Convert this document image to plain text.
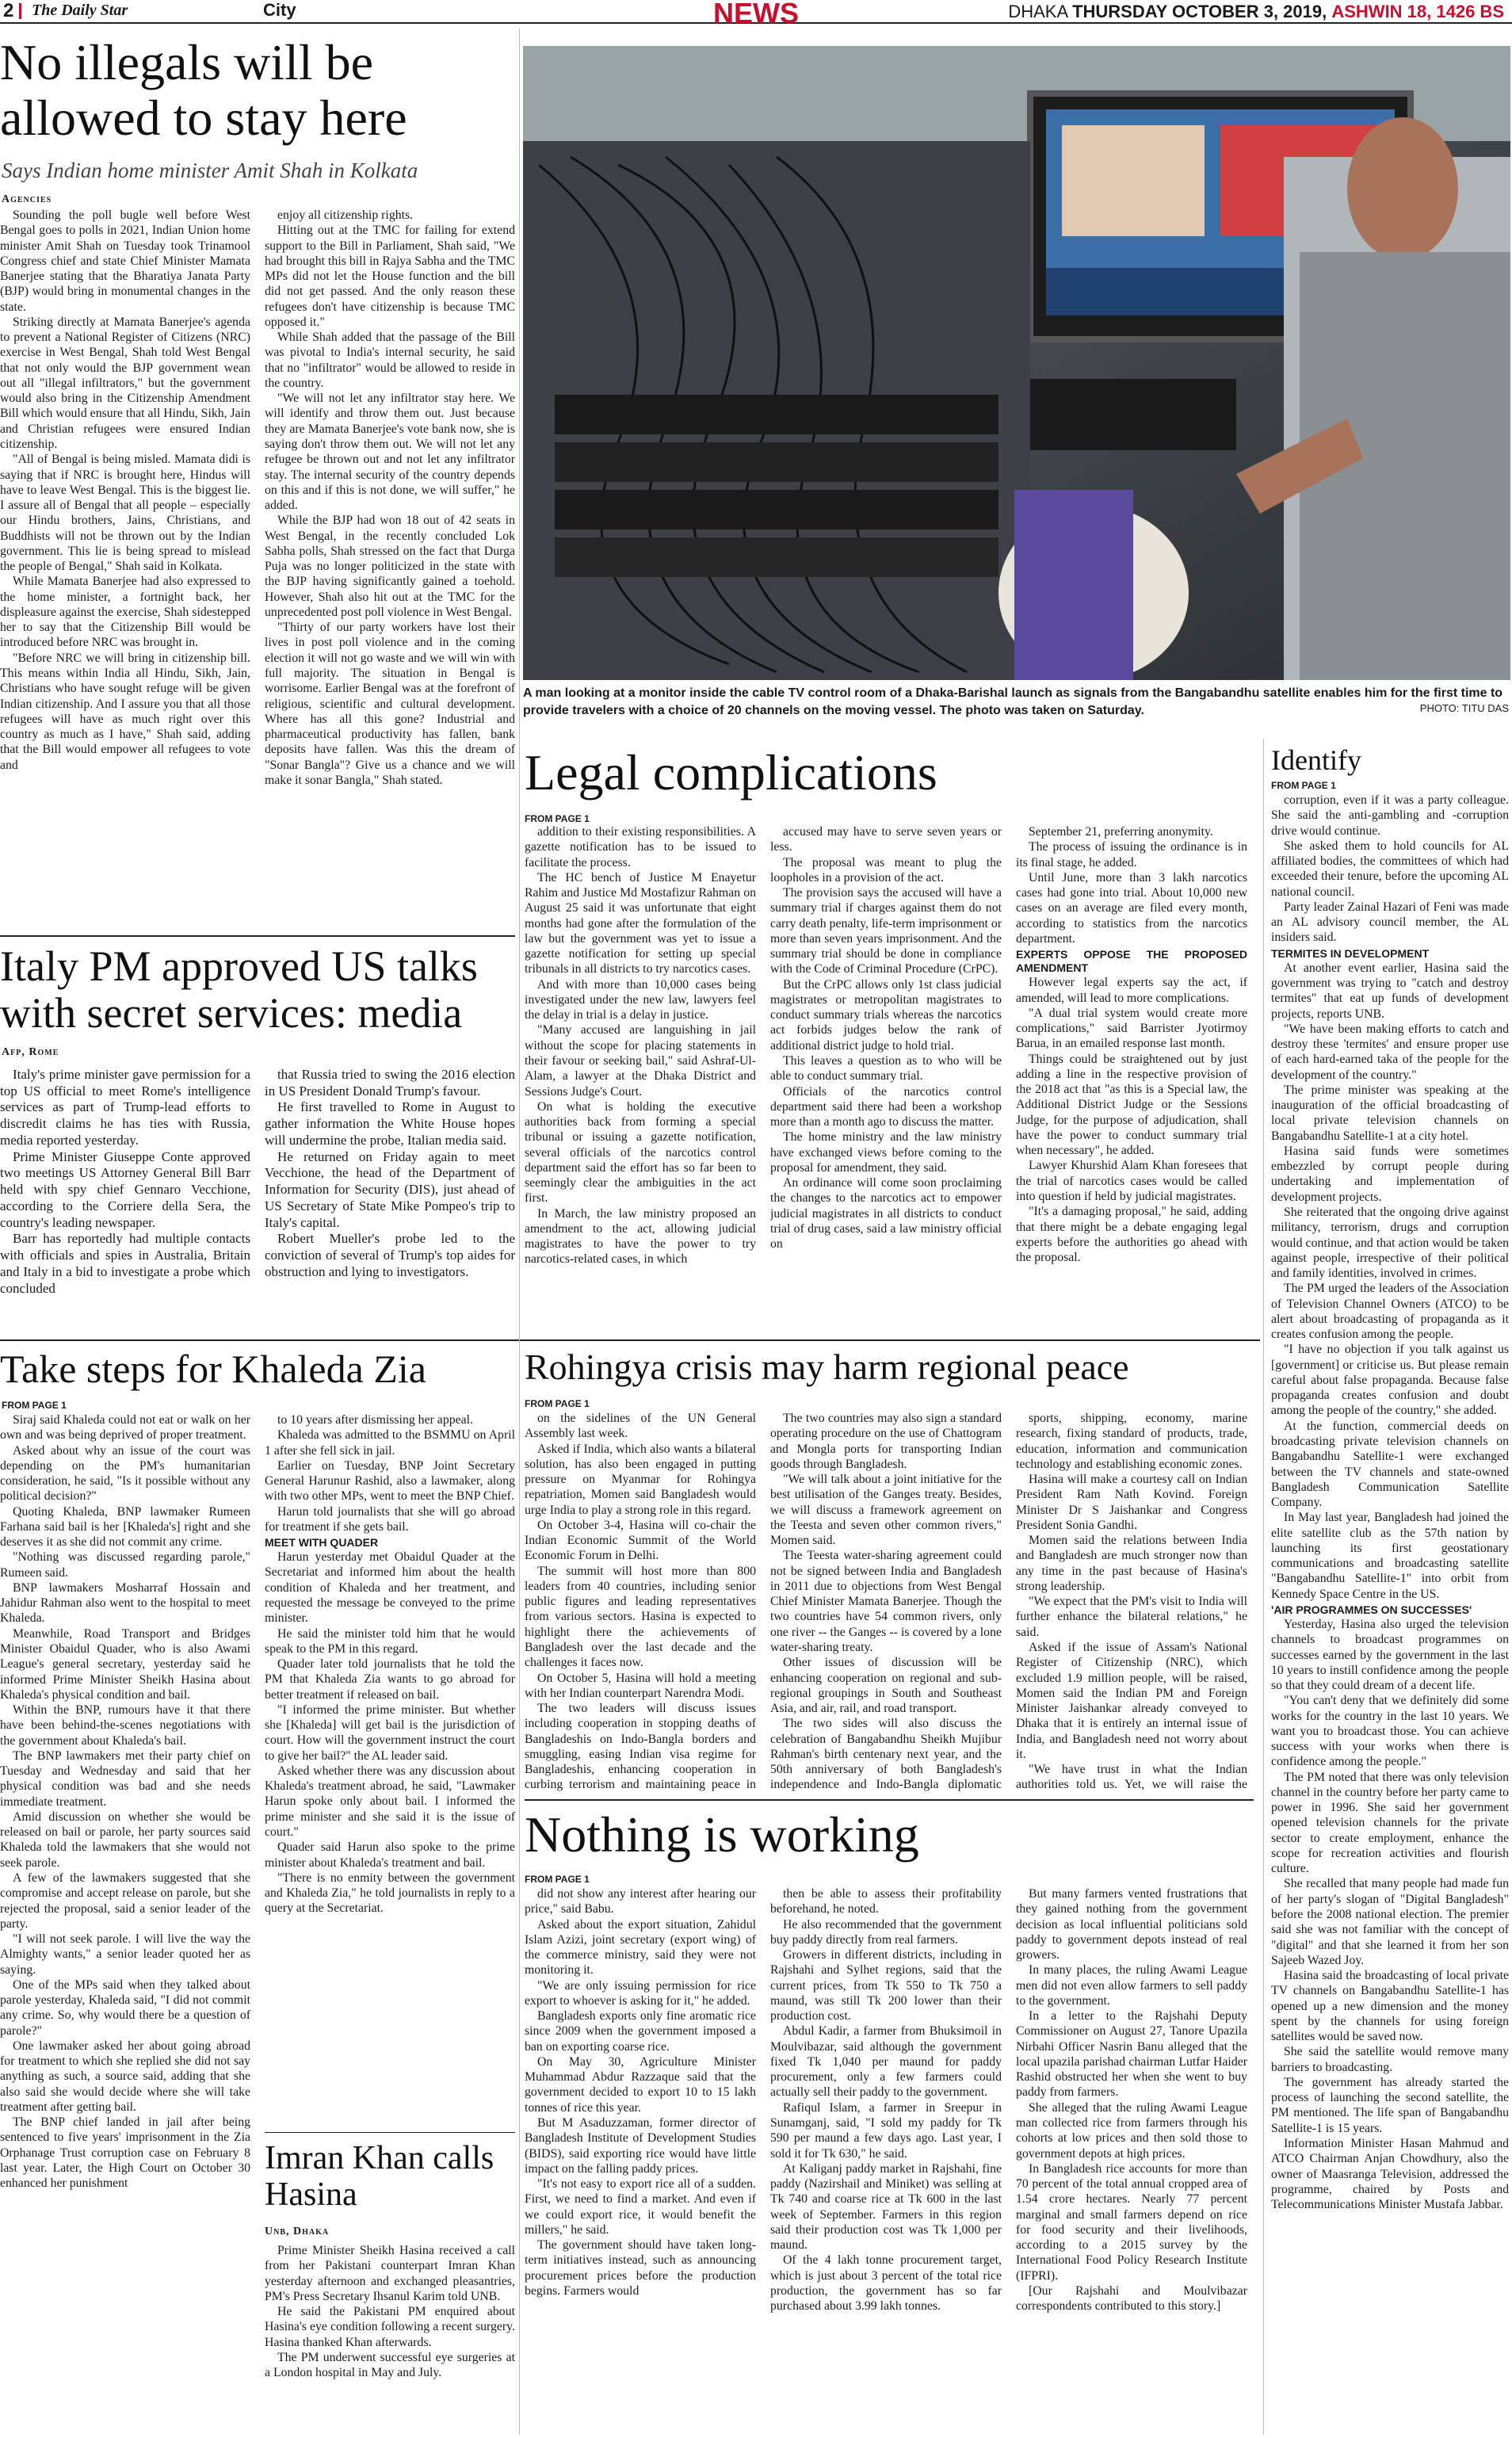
2 The Daily Star	City	NEWS	DHAKA THURSDAY OCTOBER 3, 2019, ASHWIN 18, 1426 BS
No illegals will be allowed to stay here
Says Indian home minister Amit Shah in Kolkata
Agencies

Sounding the poll bugle well before West Bengal goes to polls in 2021, Indian Union home minister Amit Shah on Tuesday took Trinamool Congress chief and state Chief Minister Mamata Banerjee stating that the Bharatiya Janata Party (BJP) would bring in monumental changes in the state.

Striking directly at Mamata Banerjee's agenda to prevent a National Register of Citizens (NRC) exercise in West Bengal, Shah told West Bengal that not only would the BJP government wean out all "illegal infiltrators," but the government would also bring in the Citizenship Amendment Bill which would ensure that all Hindu, Sikh, Jain and Christian refugees were ensured Indian citizenship.

"All of Bengal is being misled. Mamata didi is saying that if NRC is brought here, Hindus will have to leave West Bengal. This is the biggest lie. I assure all of Bengal that all people – especially our Hindu brothers, Jains, Christians, and Buddhists will not be thrown out by the Indian government. This lie is being spread to mislead the people of Bengal," Shah said in Kolkata.

While Mamata Banerjee had also expressed to the home minister, a fortnight back, her displeasure against the exercise, Shah sidestepped her to say that the Citizenship Bill would be introduced before NRC was brought in.

"Before NRC we will bring in citizenship bill. This means within India all Hindu, Sikh, Jain, Christians who have sought refuge will be given Indian citizenship. And I assure you that all those refugees will have as much right over this country as much as I have," Shah said, adding that the Bill would empower all refugees to vote and

enjoy all citizenship rights.

Hitting out at the TMC for failing for extend support to the Bill in Parliament, Shah said, "We had brought this bill in Rajya Sabha and the TMC MPs did not let the House function and the bill did not get passed. And the only reason these refugees don't have citizenship is because TMC opposed it."

While Shah added that the passage of the Bill was pivotal to India's internal security, he said that no "infiltrator" would be allowed to reside in the country.

"We will not let any infiltrator stay here. We will identify and throw them out. Just because they are Mamata Banerjee's vote bank now, she is saying don't throw them out. We will not let any refugee be thrown out and not let any infiltrator stay. The internal security of the country depends on this and if this is not done, we will suffer," he added.

While the BJP had won 18 out of 42 seats in West Bengal, in the recently concluded Lok Sabha polls, Shah stressed on the fact that Durga Puja was no longer politicized in the state with the BJP having significantly gained a toehold. However, Shah also hit out at the TMC for the unprecedented post poll violence in West Bengal.

"Thirty of our party workers have lost their lives in post poll violence and in the coming election it will not go waste and we will win with full majority. The situation in Bengal is worrisome. Earlier Bengal was at the forefront of religious, scientific and cultural development. Where has all this gone? Industrial and pharmaceutical productivity has fallen, bank deposits have fallen. Was this the dream of "Sonar Bangla"? Give us a chance and we will make it sonar Bangla," Shah stated.

A man looking at a monitor inside the cable TV control room of a Dhaka-Barishal launch as signals from the Bangabandhu satellite enables him for the first time to provide travelers with a choice of 20 channels on the moving vessel. The photo was taken on Saturday.	PHOTO: TITU DAS
Legal complications
FROM PAGE 1

addition to their existing responsibilities. A gazette notification has to be issued to facilitate the process.

The HC bench of Justice M Enayetur Rahim and Justice Md Mostafizur Rahman on August 25 said it was unfortunate that eight months had gone after the formulation of the law but the government was yet to issue a gazette notification for setting up special tribunals in all districts to try narcotics cases.

And with more than 10,000 cases being investigated under the new law, lawyers feel the delay in trial is a delay in justice.

"Many accused are languishing in jail without the scope for placing statements in their favour or seeking bail," said Ashraf-Ul-Alam, a lawyer at the Dhaka District and Sessions Judge's Court.

On what is holding the executive authorities back from forming a special tribunal or issuing a gazette notification, several officials of the narcotics control department said the effort has so far been to seemingly clear the ambiguities in the act first.

In March, the law ministry proposed an amendment to the act, allowing judicial magistrates to have the power to try narcotics-related cases, in which

accused may have to serve seven years or less.

The proposal was meant to plug the loopholes in a provision of the act.

The provision says the accused will have a summary trial if charges against them do not carry death penalty, life-term imprisonment or more than seven years imprisonment. And the summary trial should be done in compliance with the Code of Criminal Procedure (CrPC).

But the CrPC allows only 1st class judicial magistrates or metropolitan magistrates to conduct summary trials whereas the narcotics act forbids judges below the rank of additional district judge to hold trial.

This leaves a question as to who will be able to conduct summary trial.

Officials of the narcotics control department said there had been a workshop more than a month ago to discuss the matter.

The home ministry and the law ministry have exchanged views before coming to the proposal for amendment, they said.

An ordinance will come soon proclaiming the changes to the narcotics act to empower judicial magistrates in all districts to conduct trial of drug cases, said a law ministry official on

September 21, preferring anonymity.

The process of issuing the ordinance is in its final stage, he added.

Until June, more than 3 lakh narcotics cases had gone into trial. About 10,000 new cases on an average are filed every month, according to statistics from the narcotics department.

EXPERTS OPPOSE THE PROPOSED AMENDMENT

However legal experts say the act, if amended, will lead to more complications.

"A dual trial system would create more complications," said Barrister Jyotirmoy Barua, in an emailed response last month.

Things could be straightened out by just adding a line in the respective provision of the 2018 act that "as this is a Special law, the Additional District Judge or the Sessions Judge, for the purpose of adjudication, shall have the power to conduct summary trial when necessary", he added.

Lawyer Khurshid Alam Khan foresees that the trial of narcotics cases would be called into question if held by judicial magistrates.

"It's a damaging proposal," he said, adding that there might be a debate engaging legal experts before the authorities go ahead with the proposal.

Identify
FROM PAGE 1

corruption, even if it was a party colleague. She said the anti-gambling and -corruption drive would continue.

She asked them to hold councils for AL affiliated bodies, the committees of which had exceeded their tenure, before the upcoming AL national council.

Party leader Zainal Hazari of Feni was made an AL advisory council member, the AL insiders said.

TERMITES IN DEVELOPMENT

At another event earlier, Hasina said the government was trying to "catch and destroy termites" that eat up funds of development projects, reports UNB.

"We have been making efforts to catch and destroy these 'termites' and ensure proper use of each hard-earned taka of the people for the development of the country."

The prime minister was speaking at the inauguration of the official broadcasting of local private television channels on Bangabandhu Satellite-1 at a city hotel.

Hasina said funds were sometimes embezzled by corrupt people during undertaking and implementation of development projects.

She reiterated that the ongoing drive against militancy, terrorism, drugs and corruption would continue, and that action would be taken against people, irrespective of their political and family identities, involved in crimes.

The PM urged the leaders of the Association of Television Channel Owners (ATCO) to be alert about broadcasting of propaganda as it creates confusion among the people.

"I have no objection if you talk against us [government] or criticise us. But please remain careful about false propaganda. Because false propaganda creates confusion and doubt among the people of the country," she added.

At the function, commercial deeds on broadcasting private television channels on Bangabandhu Satellite-1 were exchanged between the TV channels and state-owned Bangladesh Communication Satellite Company.

In May last year, Bangladesh had joined the elite satellite club as the 57th nation by launching its first geostationary communications and broadcasting satellite "Bangabandhu Satellite-1" into orbit from Kennedy Space Centre in the US.

'AIR PROGRAMMES ON SUCCESSES'

Yesterday, Hasina also urged the television channels to broadcast programmes on successes earned by the government in the last 10 years to instill confidence among the people so that they could dream of a decent life.

"You can't deny that we definitely did some works for the country in the last 10 years. We want you to broadcast those. You can achieve success with your works when there is confidence among the people."

The PM noted that there was only television channel in the country before her party came to power in 1996. She said her government opened television channels for the private sector to create employment, enhance the scope for recreation activities and flourish culture.

She recalled that many people had made fun of her party's slogan of "Digital Bangladesh" before the 2008 national election. The premier said she was not familiar with the concept of "digital" and that she learned it from her son Sajeeb Wazed Joy.

Hasina said the broadcasting of local private TV channels on Bangabandhu Satellite-1 has opened up a new dimension and the money spent by the channels for using foreign satellites would be saved now.

She said the satellite would remove many barriers to broadcasting.

The government has already started the process of launching the second satellite, the PM mentioned. The life span of Bangabandhu Satellite-1 is 15 years.

Information Minister Hasan Mahmud and ATCO Chairman Anjan Chowdhury, also the owner of Maasranga Television, addressed the programme, chaired by Posts and Telecommunications Minister Mustafa Jabbar.

Italy PM approved US talks with secret services: media
Afp, Rome

Italy's prime minister gave permission for a top US official to meet Rome's intelligence services as part of Trump-lead efforts to discredit claims he has ties with Russia, media reported yesterday.

Prime Minister Giuseppe Conte approved two meetings US Attorney General Bill Barr held with spy chief Gennaro Vecchione, according to the Corriere della Sera, the country's leading newspaper.

Barr has reportedly had multiple contacts with officials and spies in Australia, Britain and Italy in a bid to investigate a probe which concluded

that Russia tried to swing the 2016 election in US President Donald Trump's favour.

He first travelled to Rome in August to gather information the White House hopes will undermine the probe, Italian media said.

He returned on Friday again to meet Vecchione, the head of the Department of Information for Security (DIS), just ahead of US Secretary of State Mike Pompeo's trip to Italy's capital.

Robert Mueller's probe led to the conviction of several of Trump's top aides for obstruction and lying to investigators.

Take steps for Khaleda Zia
FROM PAGE 1

Siraj said Khaleda could not eat or walk on her own and was being deprived of proper treatment.

Asked about why an issue of the court was depending on the PM's humanitarian consideration, he said, "Is it possible without any political decision?"

Quoting Khaleda, BNP lawmaker Rumeen Farhana said bail is her [Khaleda's] right and she deserves it as she did not commit any crime.

"Nothing was discussed regarding parole," Rumeen said.

BNP lawmakers Mosharraf Hossain and Jahidur Rahman also went to the hospital to meet Khaleda.

Meanwhile, Road Transport and Bridges Minister Obaidul Quader, who is also Awami League's general secretary, yesterday said he informed Prime Minister Sheikh Hasina about Khaleda's physical condition and bail.

Within the BNP, rumours have it that there have been behind-the-scenes negotiations with the government about Khaleda's bail.

The BNP lawmakers met their party chief on Tuesday and Wednesday and said that her physical condition was bad and she needs immediate treatment.

Amid discussion on whether she would be released on bail or parole, her party sources said Khaleda told the lawmakers that she would not seek parole.

A few of the lawmakers suggested that she compromise and accept release on parole, but she rejected the proposal, said a senior leader of the party.

"I will not seek parole. I will live the way the Almighty wants," a senior leader quoted her as saying.

One of the MPs said when they talked about parole yesterday, Khaleda said, "I did not commit any crime. So, why would there be a question of parole?"

One lawmaker asked her about going abroad for treatment to which she replied she did not say anything as such, a source said, adding that she also said she would decide where she will take treatment after getting bail.

The BNP chief landed in jail after being sentenced to five years' imprisonment in the Zia Orphanage Trust corruption case on February 8 last year. Later, the High Court on October 30 enhanced her punishment

to 10 years after dismissing her appeal.

Khaleda was admitted to the BSMMU on April 1 after she fell sick in jail.

Earlier on Tuesday, BNP Joint Secretary General Harunur Rashid, also a lawmaker, along with two other MPs, went to meet the BNP Chief.

Harun told journalists that she will go abroad for treatment if she gets bail.

MEET WITH QUADER

Harun yesterday met Obaidul Quader at the Secretariat and informed him about the health condition of Khaleda and her treatment, and requested the message be conveyed to the prime minister.

He said the minister told him that he would speak to the PM in this regard.

Quader later told journalists that he told the PM that Khaleda Zia wants to go abroad for better treatment if released on bail.

"I informed the prime minister. But whether she [Khaleda] will get bail is the jurisdiction of court. How will the government instruct the court to give her bail?" the AL leader said.

Asked whether there was any discussion about Khaleda's treatment abroad, he said, "Lawmaker Harun spoke only about bail. I informed the prime minister and she said it is the issue of court."

Quader said Harun also spoke to the prime minister about Khaleda's treatment and bail.

"There is no enmity between the government and Khaleda Zia," he told journalists in reply to a query at the Secretariat.

Imran Khan calls Hasina
Unb, Dhaka

Prime Minister Sheikh Hasina received a call from her Pakistani counterpart Imran Khan yesterday afternoon and exchanged pleasantries, PM's Press Secretary Ihsanul Karim told UNB.

He said the Pakistani PM enquired about Hasina's eye condition following a recent surgery. Hasina thanked Khan afterwards.

The PM underwent successful eye surgeries at a London hospital in May and July.

Rohingya crisis may harm regional peace
FROM PAGE 1

on the sidelines of the UN General Assembly last week.

Asked if India, which also wants a bilateral solution, has also been engaged in putting pressure on Myanmar for Rohingya repatriation, Momen said Bangladesh would urge India to play a strong role in this regard.

On October 3-4, Hasina will co-chair the Indian Economic Summit of the World Economic Forum in Delhi.

The summit will host more than 800 leaders from 40 countries, including senior public figures and leading representatives from various sectors. Hasina is expected to highlight there the achievements of Bangladesh over the last decade and the challenges it faces now.

On October 5, Hasina will hold a meeting with her Indian counterpart Narendra Modi.

The two leaders will discuss issues including cooperation in stopping deaths of Bangladeshis on Indo-Bangla borders and smuggling, easing Indian visa regime for Bangladeshis, enhancing cooperation in curbing terrorism and maintaining peace in

The two countries may also sign a standard operating procedure on the use of Chattogram and Mongla ports for transporting Indian goods through Bangladesh.

"We will talk about a joint initiative for the best utilisation of the Ganges treaty. Besides, we will discuss a framework agreement on the Teesta and seven other common rivers," Momen said.

The Teesta water-sharing agreement could not be signed between India and Bangladesh in 2011 due to objections from West Bengal Chief Minister Mamata Banerjee. Though the two countries have 54 common rivers, only one river -- the Ganges -- is covered by a lone water-sharing treaty.

Other issues of discussion will be enhancing cooperation on regional and sub-regional groupings in South and Southeast Asia, and air, rail, and road transport.

The two sides will also discuss the celebration of Bangabandhu Sheikh Mujibur Rahman's birth centenary next year, and the 50th anniversary of both Bangladesh's independence and Indo-Bangla diplomatic

sports, shipping, economy, marine research, fixing standard of products, trade, education, information and communication technology and establishing economic zones.

Hasina will make a courtesy call on Indian President Ram Nath Kovind. Foreign Minister Dr S Jaishankar and Congress President Sonia Gandhi.

Momen said the relations between India and Bangladesh are much stronger now than any time in the past because of Hasina's strong leadership.

"We expect that the PM's visit to India will further enhance the bilateral relations," he said.

Asked if the issue of Assam's National Register of Citizenship (NRC), which excluded 1.9 million people, will be raised, Momen said the Indian PM and Foreign Minister Jaishankar already conveyed to Dhaka that it is entirely an internal issue of India, and Bangladesh need not worry about it.

"We have trust in what the Indian authorities told us. Yet, we will raise the

Nothing is working
FROM PAGE 1

did not show any interest after hearing our price," said Babu.

Asked about the export situation, Zahidul Islam Azizi, joint secretary (export wing) of the commerce ministry, said they were not monitoring it.

"We are only issuing permission for rice export to whoever is asking for it," he added.

Bangladesh exports only fine aromatic rice since 2009 when the government imposed a ban on exporting coarse rice.

On May 30, Agriculture Minister Muhammad Abdur Razzaque said that the government decided to export 10 to 15 lakh tonnes of rice this year.

But M Asaduzzaman, former director of Bangladesh Institute of Development Studies (BIDS), said exporting rice would have little impact on the falling paddy prices.

"It's not easy to export rice all of a sudden. First, we need to find a market. And even if we could export rice, it would benefit the millers," he said.

The government should have taken long-term initiatives instead, such as announcing procurement prices before the production begins. Farmers would

then be able to assess their profitability beforehand, he noted.

He also recommended that the government buy paddy directly from real farmers.

Growers in different districts, including in Rajshahi and Sylhet regions, said that the current prices, from Tk 550 to Tk 750 a maund, was still Tk 200 lower than their production cost.

Abdul Kadir, a farmer from Bhuksimoil in Moulvibazar, said although the government fixed Tk 1,040 per maund for paddy procurement, only a few farmers could actually sell their paddy to the government.

Rafiqul Islam, a farmer in Sreepur in Sunamganj, said, "I sold my paddy for Tk 590 per maund a few days ago. Last year, I sold it for Tk 630," he said.

At Kaliganj paddy market in Rajshahi, fine paddy (Nazirshail and Miniket) was selling at Tk 740 and coarse rice at Tk 600 in the last week of September. Farmers in this region said their production cost was Tk 1,000 per maund.

Of the 4 lakh tonne procurement target, which is just about 3 percent of the total rice production, the government has so far purchased about 3.99 lakh tonnes.

But many farmers vented frustrations that they gained nothing from the government decision as local influential politicians sold paddy to government depots instead of real growers.

In many places, the ruling Awami League men did not even allow farmers to sell paddy to the government.

In a letter to the Rajshahi Deputy Commissioner on August 27, Tanore Upazila Nirbahi Officer Nasrin Banu alleged that the local upazila parishad chairman Lutfar Haider Rashid obstructed her when she went to buy paddy from farmers.

She alleged that the ruling Awami League man collected rice from farmers through his cohorts at low prices and then sold those to government depots at high prices.

In Bangladesh rice accounts for more than 70 percent of the total annual cropped area of 1.54 crore hectares. Nearly 77 percent marginal and small farmers depend on rice for food security and their livelihoods, according to a 2015 survey by the International Food Policy Research Institute (IFPRI).

[Our Rajshahi and Moulvibazar correspondents contributed to this story.]
